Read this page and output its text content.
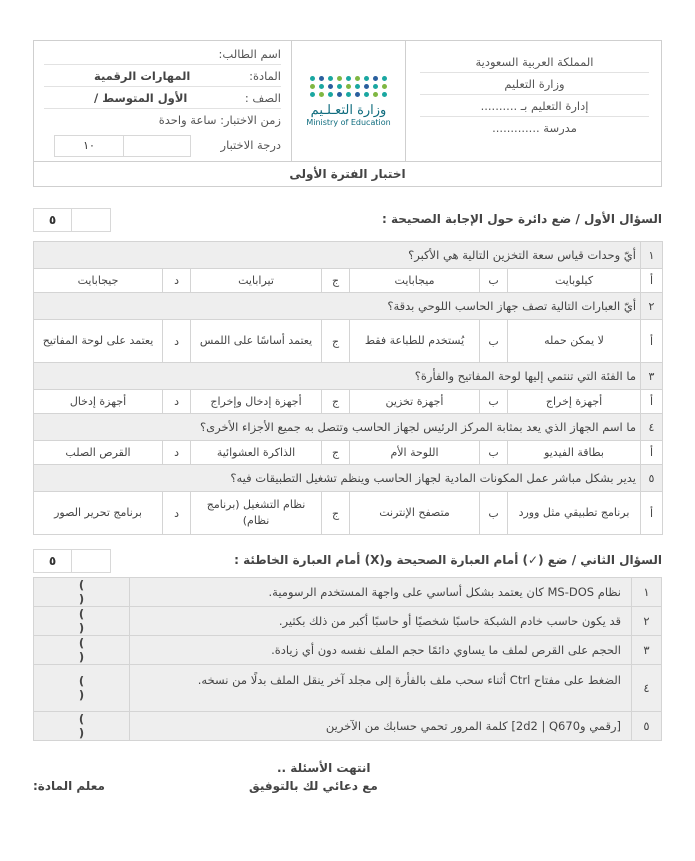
المملكة العربية السعودية
وزارة التعليم
إدارة التعليم بـ ..........
مدرسة .............
وزارة التعـلـيم
Ministry of Education
اسم الطالب:
المادة:
المهارات الرقمية
الصف :
الأول المتوسط /
زمن الاختبار: ساعة واحدة
درجة الاختبار
١٠
اختبار الفترة الأولى
السؤال الأول / ضع دائرة حول الإجابة الصحيحة :
٥
١	أيّ وحدات قياس سعة التخزين التالية هي الأكبر؟						
أ	كيلوبايت	ب	ميجابايت	ج	تيرابايت	د	جيجابايت
٢	أيّ العبارات التالية تصف جهاز الحاسب اللوحي بدقة؟						
أ	لا يمكن حمله	ب	يُستخدم للطباعة فقط	ج	يعتمد أساسًا على اللمس	د	يعتمد على لوحة المفاتيح
٣	ما الفئة التي تنتمي إليها لوحة المفاتيح والفأرة؟						
أ	أجهزة إخراج	ب	أجهزة تخزين	ج	أجهزة إدخال وإخراج	د	أجهزة إدخال
٤	ما اسم الجهاز الذي يعد بمثابة المركز الرئيس لجهاز الحاسب وتتصل به جميع الأجزاء الأخرى؟						
أ	بطاقة الفيديو	ب	اللوحة الأم	ج	الذاكرة العشوائية	د	القرص الصلب
٥	يدير بشكل مباشر عمل المكونات المادية لجهاز الحاسب وينظم تشغيل التطبيقات فيه؟						
أ	برنامج تطبيقي مثل وورد	ب	متصفح الإنترنت	ج	نظام التشغيل (برنامج نظام)	د	برنامج تحرير الصور
السؤال الثاني / ضع (✓) أمام العبارة الصحيحة و(X) أمام العبارة الخاطئة :
٥
١	نظام MS-DOS كان يعتمد بشكل أساسي على واجهة المستخدم الرسومية.	( )
٢	قد يكون حاسب خادم الشبكة حاسبًا شخصيًا أو حاسبًا أكبر من ذلك بكثير.	( )
٣	الحجم على القرص لملف ما يساوي دائمًا حجم الملف نفسه دون أي زيادة.	( )
٤	الضغط على مفتاح Ctrl أثناء سحب ملف بالفأرة إلى مجلد آخر ينقل الملف بدلًا من نسخه.	( )
٥	[رقمي و2d2 | Q670] كلمة المرور تحمي حسابك من الآخرين	( )
انتهت الأسئلة ..
مع دعائي لك بالتوفيق
معلم المادة:
